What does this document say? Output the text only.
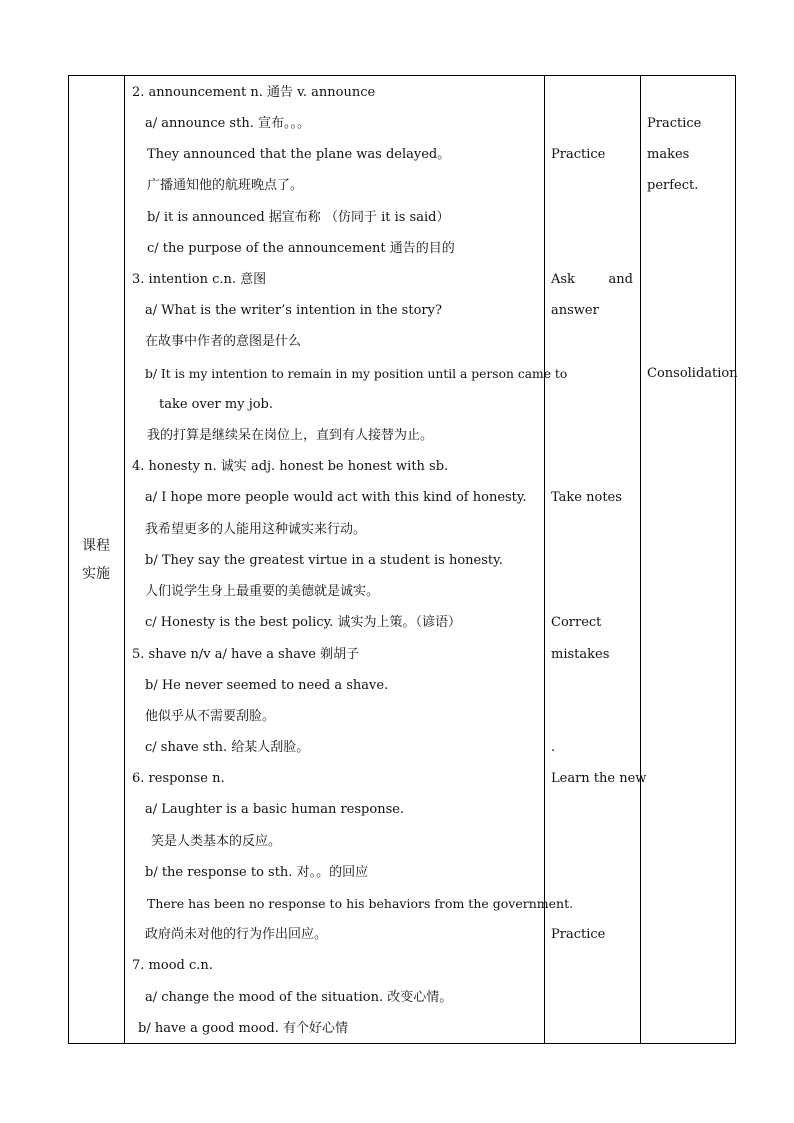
课程
实施
2. announcement n. 通告 v. announce
a/ announce sth. 宣布。。。
They announced that the plane was delayed。
广播通知他的航班晚点了。
b/ it is announced 据宣布称 （仿同于 it is said）
c/ the purpose of the announcement 通告的目的
3. intention c.n. 意图
a/ What is the writer’s intention in the story?
在故事中作者的意图是什么
b/ It is my intention to remain in my position until a person came to
take over my job.
我的打算是继续呆在岗位上，直到有人接替为止。
4. honesty n. 诚实 adj. honest be honest with sb.
a/ I hope more people would act with this kind of honesty.
我希望更多的人能用这种诚实来行动。
b/ They say the greatest virtue in a student is honesty.
人们说学生身上最重要的美德就是诚实。
c/ Honesty is the best policy. 诚实为上策。（谚语）
5. shave n/v a/ have a shave 剃胡子
b/ He never seemed to need a shave.
他似乎从不需要刮脸。
c/ shave sth. 给某人刮脸。
6. response n.
a/ Laughter is a basic human response.
笑是人类基本的反应。
b/ the response to sth. 对。。的回应
There has been no response to his behaviors from the government.
政府尚未对他的行为作出回应。
7. mood c.n.
a/ change the mood of the situation. 改变心情。
b/ have a good mood. 有个好心情
Practice
Ask	and
answer
Take notes
Correct
mistakes
.
Learn the new
Practice
Practice
makes
perfect.
Consolidation
